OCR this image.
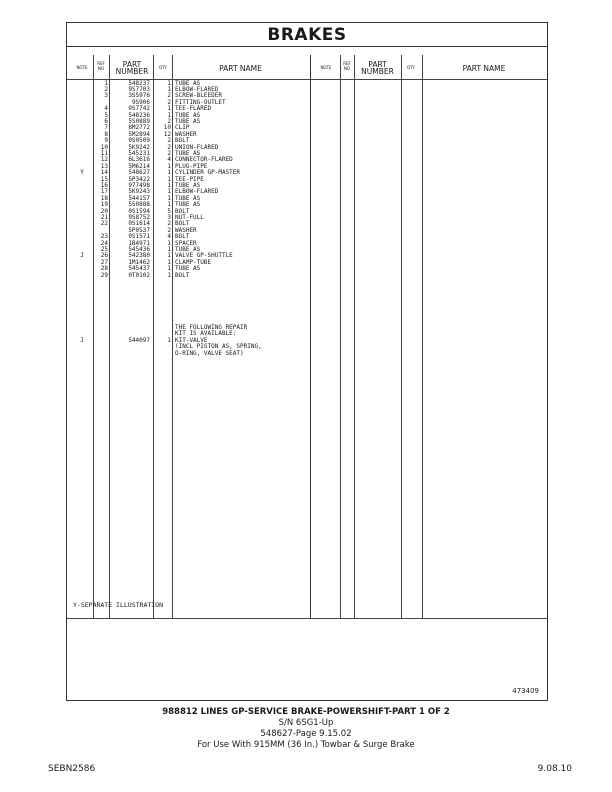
BRAKES
NOTE
REF NO	PART NUMBER	QTY	PART NAME	NOTE
REF NO	PART NUMBER	QTY	PART NAME
1	548237	1 TUBE AS
2	9S7703	1 ELBOW-FLARED
3	3S5976	2 SCREW-BLEEDER
9S906	2 FITTING-OUTLET
4	9S7742	1 TEE-FLARED
5	548236	1 TUBE AS
6	5S0889	2 TUBE AS
7	8M2772	10 CLIP
8	5M2894	12 WASHER
9	0S0509	2 BOLT
10	5K9242	2 UNION-FLARED
11	545231	2 TUBE AS
12	6L3616	4 CONNECTOR-FLARED
13	5M6214	1 PLUG-PIPE
Y	14	548627	1 CYLINDER GP-MASTER
15	5P3422	1 TEE-PIPE
16	977498	1 TUBE AS
17	5K9243	1 ELBOW-FLARED
18	544157	1 TUBE AS
19	5S0888	1 TUBE AS
20	0S1594	5 BOLT
21	9S8752	3 NUT-FULL
22	0S1614	2 BOLT
5P0537	2 WASHER
23	0S1571	4 BOLT
24	1B4971	1 SPACER
25	545436	1 TUBE AS
J	26	542380	1 VALVE GP-SHUTTLE
27	1M1462	1 CLAMP-TUBE
28	545437	1 TUBE AS
29	0T0102	1 BOLT
THE FOLLOWING REPAIR
KIT IS AVAILABLE:
J	544097	1 KIT-VALVE
(INCL PISTON AS, SPRING,
O-RING, VALVE SEAT)
Y-SEPARATE ILLUSTRATION
473409
988812 LINES GP-SERVICE BRAKE-POWERSHIFT-PART 1 OF 2
S/N 6SG1-Up
548627-Page 9.15.02
For Use With 915MM (36 In.) Towbar & Surge Brake
SEBN2586	9.08.10
